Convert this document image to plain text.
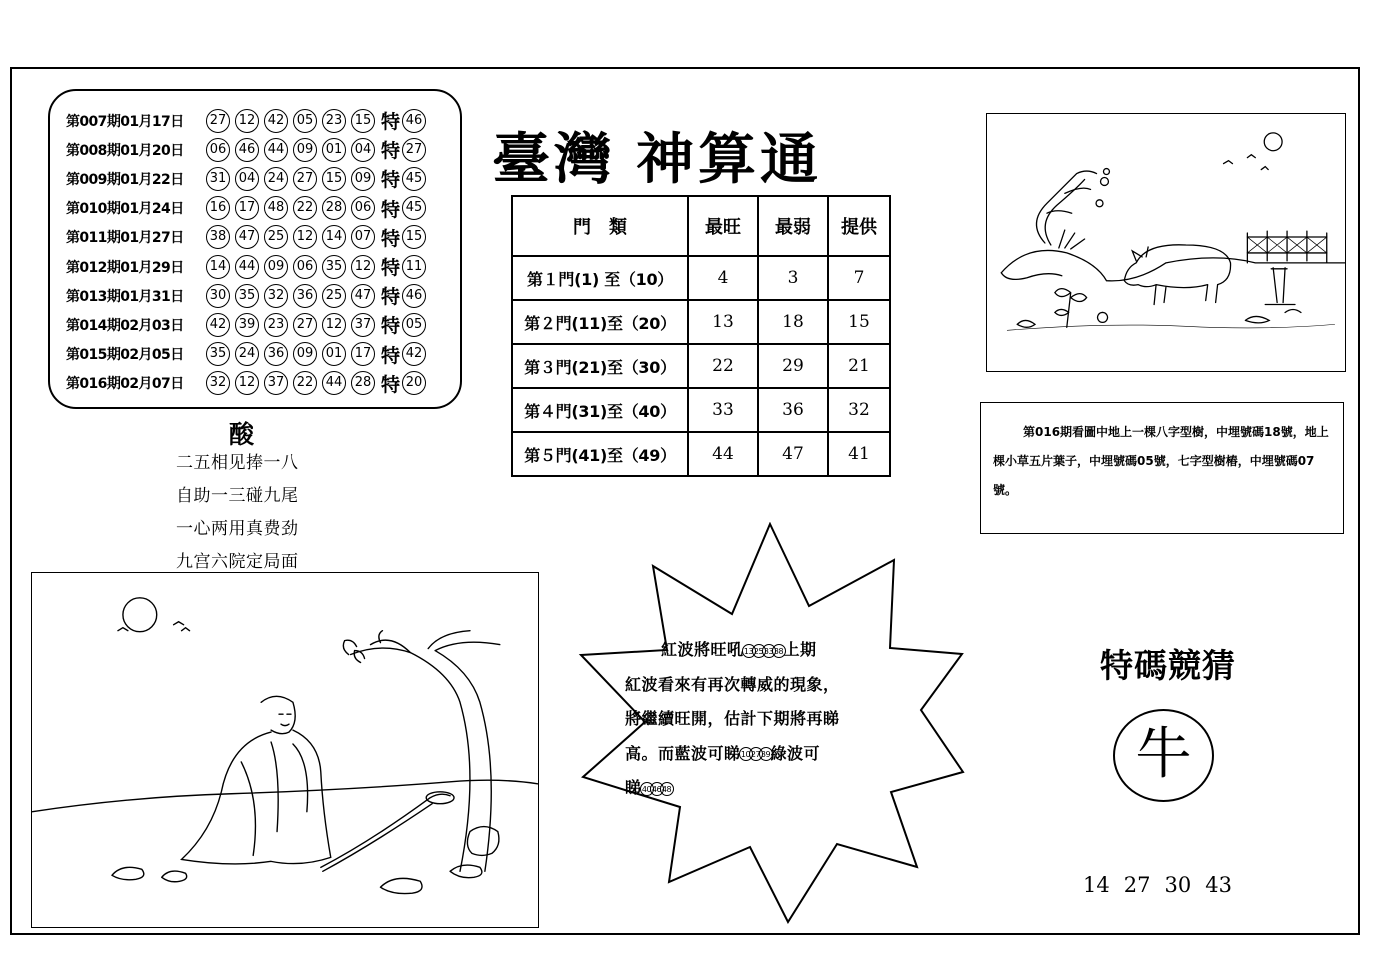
第007期01月17日	27 12 42 05 23 15 特 46
第008期01月20日	06 46 44 09 01 04 特 27
第009期01月22日	31 04 24 27 15 09 特 45
第010期01月24日	16 17 48 22 28 06 特 45
第011期01月27日	38 47 25 12 14 07 特 15
第012期01月29日	14 44 09 06 35 12 特 11
第013期01月31日	30 35 32 36 25 47 特 46
第014期02月03日	42 39 23 27 12 37 特 05
第015期02月05日	35 24 36 09 01 17 特 42
第016期02月07日	32 12 37 22 44 28 特 20
酸
二五相见捧一八
自助一三碰九尾
一心两用真费劲
九宫六院定局面
臺灣 神算通
門　類	最旺	最弱	提供
第１門(1) 至（10）	4	3	7
第２門(11)至（20）	13	18	15
第３門(21)至（30）	22	29	21
第４門(31)至（40）	33	36	32
第５門(41)至（49）	44	47	41
第016期看圖中地上一棵八字型樹，中埋號碼18號，地上棵小草五片葉子，中埋號碼05號，七字型樹樁，中埋號碼07號。
紅波將旺吼13253338上期
紅波看來有再次轉威的現象，
將繼續旺開，估計下期將再睇
高。而藍波可睇102739綠波可
睇404648
特碼競猜
牛
14 27 30 43
